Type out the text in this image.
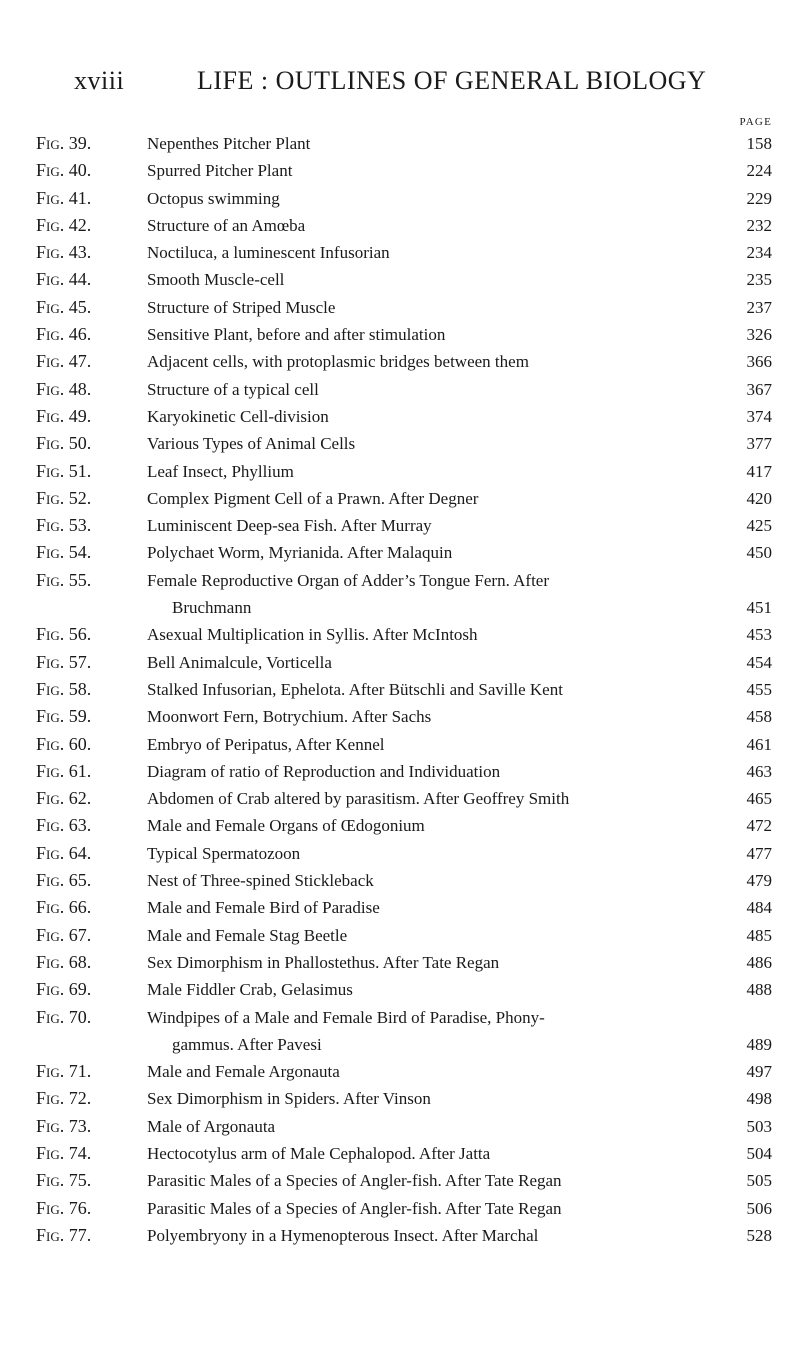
xviii	LIFE : OUTLINES OF GENERAL BIOLOGY
PAGE
Fig. 39.	Nepenthes Pitcher Plant	158
Fig. 40.	Spurred Pitcher Plant	224
Fig. 41.	Octopus swimming	229
Fig. 42.	Structure of an Amœba	232
Fig. 43.	Noctiluca, a luminescent Infusorian	234
Fig. 44.	Smooth Muscle-cell	235
Fig. 45.	Structure of Striped Muscle	237
Fig. 46.	Sensitive Plant, before and after stimulation	326
Fig. 47.	Adjacent cells, with protoplasmic bridges between them	366
Fig. 48.	Structure of a typical cell	367
Fig. 49.	Karyokinetic Cell-division	374
Fig. 50.	Various Types of Animal Cells	377
Fig. 51.	Leaf Insect, Phyllium	417
Fig. 52.	Complex Pigment Cell of a Prawn. After Degner	420
Fig. 53.	Luminiscent Deep-sea Fish. After Murray	425
Fig. 54.	Polychaet Worm, Myrianida. After Malaquin	450
Fig. 55.	Female Reproductive Organ of Adder’s Tongue Fern. After
Bruchmann	451
Fig. 56.	Asexual Multiplication in Syllis. After McIntosh	453
Fig. 57.	Bell Animalcule, Vorticella	454
Fig. 58.	Stalked Infusorian, Ephelota. After Bütschli and Saville Kent	455
Fig. 59.	Moonwort Fern, Botrychium. After Sachs	458
Fig. 60.	Embryo of Peripatus, After Kennel	461
Fig. 61.	Diagram of ratio of Reproduction and Individuation	463
Fig. 62.	Abdomen of Crab altered by parasitism. After Geoffrey Smith	465
Fig. 63.	Male and Female Organs of Œdogonium	472
Fig. 64.	Typical Spermatozoon	477
Fig. 65.	Nest of Three-spined Stickleback	479
Fig. 66.	Male and Female Bird of Paradise	484
Fig. 67.	Male and Female Stag Beetle	485
Fig. 68.	Sex Dimorphism in Phallostethus. After Tate Regan	486
Fig. 69.	Male Fiddler Crab, Gelasimus	488
Fig. 70.	Windpipes of a Male and Female Bird of Paradise, Phony-
gammus. After Pavesi	489
Fig. 71.	Male and Female Argonauta	497
Fig. 72.	Sex Dimorphism in Spiders. After Vinson	498
Fig. 73.	Male of Argonauta	503
Fig. 74.	Hectocotylus arm of Male Cephalopod. After Jatta	504
Fig. 75.	Parasitic Males of a Species of Angler-fish. After Tate Regan	505
Fig. 76.	Parasitic Males of a Species of Angler-fish. After Tate Regan	506
Fig. 77.	Polyembryony in a Hymenopterous Insect. After Marchal	528
